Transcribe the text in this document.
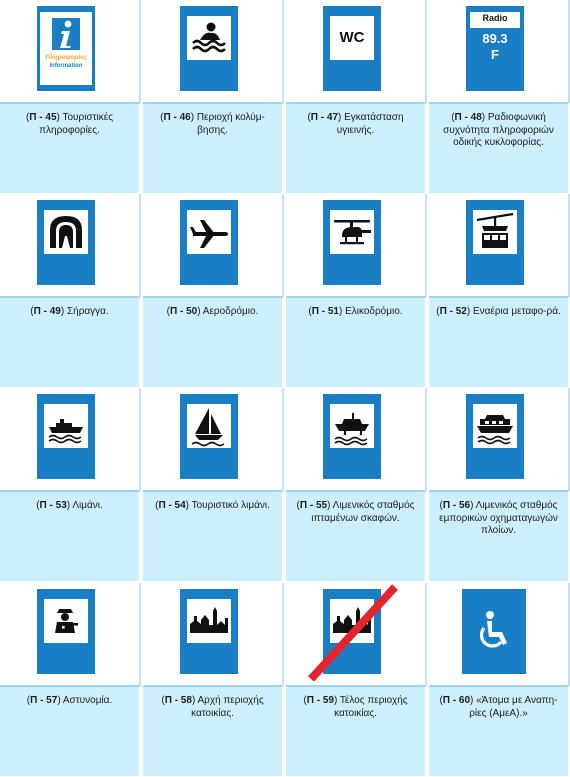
Πληροφορίες
Information
(Π - 45) Τουριστικές πληροφορίες.
(Π - 46) Περιοχή κολύμ-βησης.
WC
(Π - 47) Εγκατάσταση υγιεινής.
Radio
89.3
F
(Π - 48) Ραδιοφωνική συχνότητα πληροφοριών οδικής κυκλοφορίας.
(Π - 49) Σήραγγα.	(Π - 50) Αεροδρόμιο.	(Π - 51) Ελικοδρόμιο.	(Π - 52) Εναέρια μεταφο-ρά.
(Π - 53) Λιμάνι.	(Π - 54) Τουριστικό λιμάνι.	(Π - 55) Λιμενικός σταθμός ιπταμένων σκαφών.
(Π - 56) Λιμενικός σταθμός εμπορικών οχηματαγωγών πλοίων.
(Π - 57) Αστυνομία.	(Π - 58) Αρχή περιοχής κατοικίας.
(Π - 59) Τέλος περιοχής κατοικίας.
(Π - 60) «Άτομα με Αναπη-ρίες (ΑμεΑ).»
